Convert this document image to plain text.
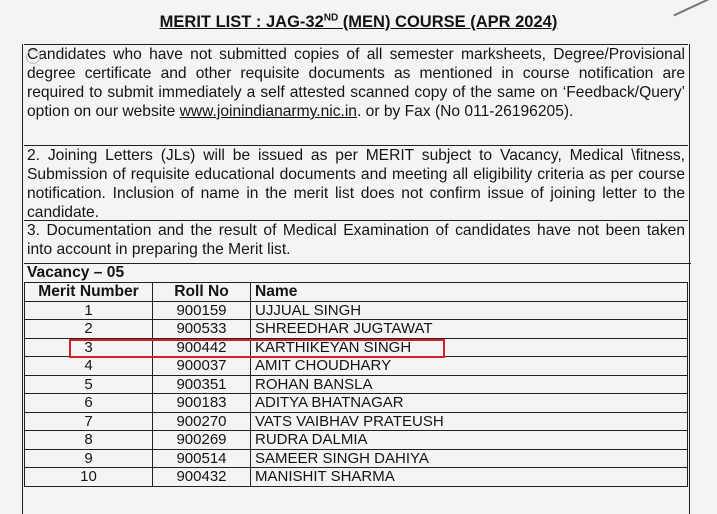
MERIT LIST : JAG-32ND (MEN) COURSE (APR 2024)

Candidates who have not submitted copies of all semester marksheets, Degree/Provisional degree certificate and other requisite documents as mentioned in course notification are required to submit immediately a self attested scanned copy of the same on ‘Feedback/Query’ option on our website www.joinindianarmy.nic.in. or by Fax (No 011-26196205).

2. Joining Letters (JLs) will be issued as per MERIT subject to Vacancy, Medical \fitness, Submission of requisite educational documents and meeting all eligibility criteria as per course notification. Inclusion of name in the merit list does not confirm issue of joining letter to the candidate.

3. Documentation and the result of Medical Examination of candidates have not been taken into account in preparing the Merit list.

Vacancy – 05
Merit Number	Roll No	Name
1	900159	UJJUAL SINGH
2	900533	SHREEDHAR JUGTAWAT
3	900442	KARTHIKEYAN SINGH
4	900037	AMIT CHOUDHARY
5	900351	ROHAN BANSLA
6	900183	ADITYA BHATNAGAR
7	900270	VATS VAIBHAV PRATEUSH
8	900269	RUDRA DALMIA
9	900514	SAMEER SINGH DAHIYA
10	900432	MANISHIT SHARMA
